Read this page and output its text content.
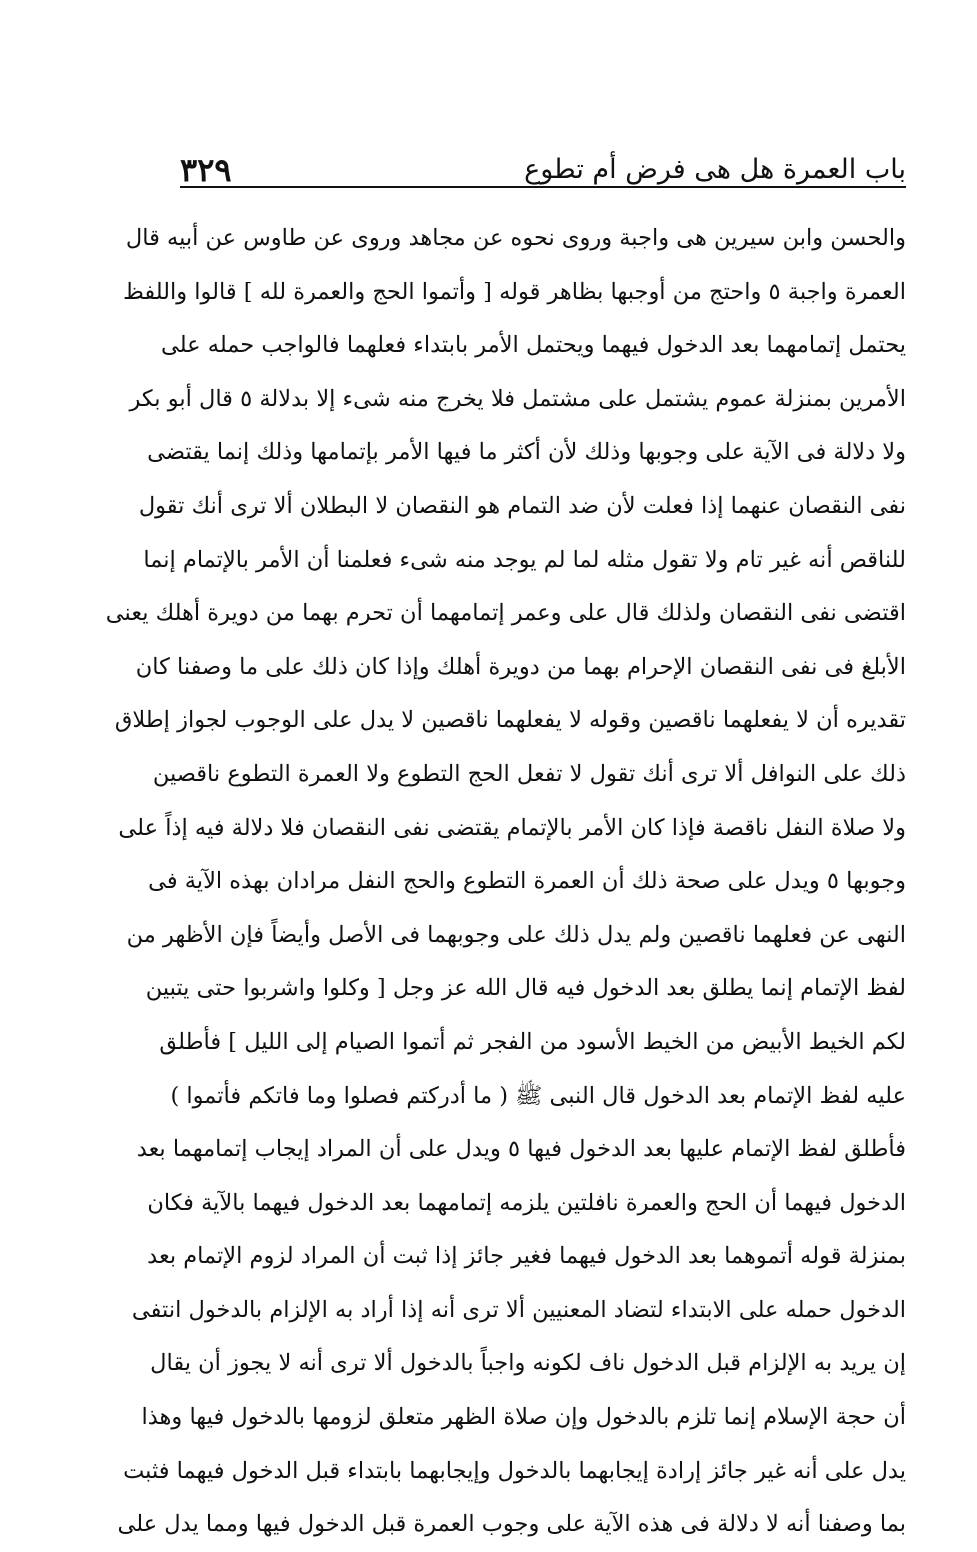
٣٢٩	باب العمرة هل هى فرض أم تطوع
والحسن وابن سيرين هى واجبة وروى نحوه عن مجاهد وروى عن طاوس عن أبيه قال
العمرة واجبة ٥ واحتج من أوجبها بظاهر قوله [ وأتموا الحج والعمرة لله ] قالوا واللفظ
يحتمل إتمامهما بعد الدخول فيهما ويحتمل الأمر بابتداء فعلهما فالواجب حمله على
الأمرين بمنزلة عموم يشتمل على مشتمل فلا يخرج منه شىء إلا بدلالة ٥ قال أبو بكر
ولا دلالة فى الآية على وجوبها وذلك لأن أكثر ما فيها الأمر بإتمامها وذلك إنما يقتضى
نفى النقصان عنهما إذا فعلت لأن ضد التمام هو النقصان لا البطلان ألا ترى أنك تقول
للناقص أنه غير تام ولا تقول مثله لما لم يوجد منه شىء فعلمنا أن الأمر بالإتمام إنما
اقتضى نفى النقصان ولذلك قال على وعمر إتمامهما أن تحرم بهما من دويرة أهلك يعنى
الأبلغ فى نفى النقصان الإحرام بهما من دويرة أهلك وإذا كان ذلك على ما وصفنا كان
تقديره أن لا يفعلهما ناقصين وقوله لا يفعلهما ناقصين لا يدل على الوجوب لجواز إطلاق
ذلك على النوافل ألا ترى أنك تقول لا تفعل الحج التطوع ولا العمرة التطوع ناقصين
ولا صلاة النفل ناقصة فإذا كان الأمر بالإتمام يقتضى نفى النقصان فلا دلالة فيه إذاً على
وجوبها ٥ ويدل على صحة ذلك أن العمرة التطوع والحج النفل مرادان بهذه الآية فى
النهى عن فعلهما ناقصين ولم يدل ذلك على وجوبهما فى الأصل وأيضاً فإن الأظهر من
لفظ الإتمام إنما يطلق بعد الدخول فيه قال الله عز وجل [ وكلوا واشربوا حتى يتبين
لكم الخيط الأبيض من الخيط الأسود من الفجر ثم أتموا الصيام إلى الليل ] فأطلق
عليه لفظ الإتمام بعد الدخول قال النبى ﷺ ( ما أدركتم فصلوا وما فاتكم فأتموا )
فأطلق لفظ الإتمام عليها بعد الدخول فيها ٥ ويدل على أن المراد إيجاب إتمامهما بعد
الدخول فيهما أن الحج والعمرة نافلتين يلزمه إتمامهما بعد الدخول فيهما بالآية فكان
بمنزلة قوله أتموهما بعد الدخول فيهما فغير جائز إذا ثبت أن المراد لزوم الإتمام بعد
الدخول حمله على الابتداء لتضاد المعنيين ألا ترى أنه إذا أراد به الإلزام بالدخول انتفى
إن يريد به الإلزام قبل الدخول ناف لكونه واجباً بالدخول ألا ترى أنه لا يجوز أن يقال
أن حجة الإسلام إنما تلزم بالدخول وإن صلاة الظهر متعلق لزومها بالدخول فيها وهذا
يدل على أنه غير جائز إرادة إيجابهما بالدخول وإيجابهما بابتداء قبل الدخول فيهما فثبت
بما وصفنا أنه لا دلالة فى هذه الآية على وجوب العمرة قبل الدخول فيها ومما يدل على
